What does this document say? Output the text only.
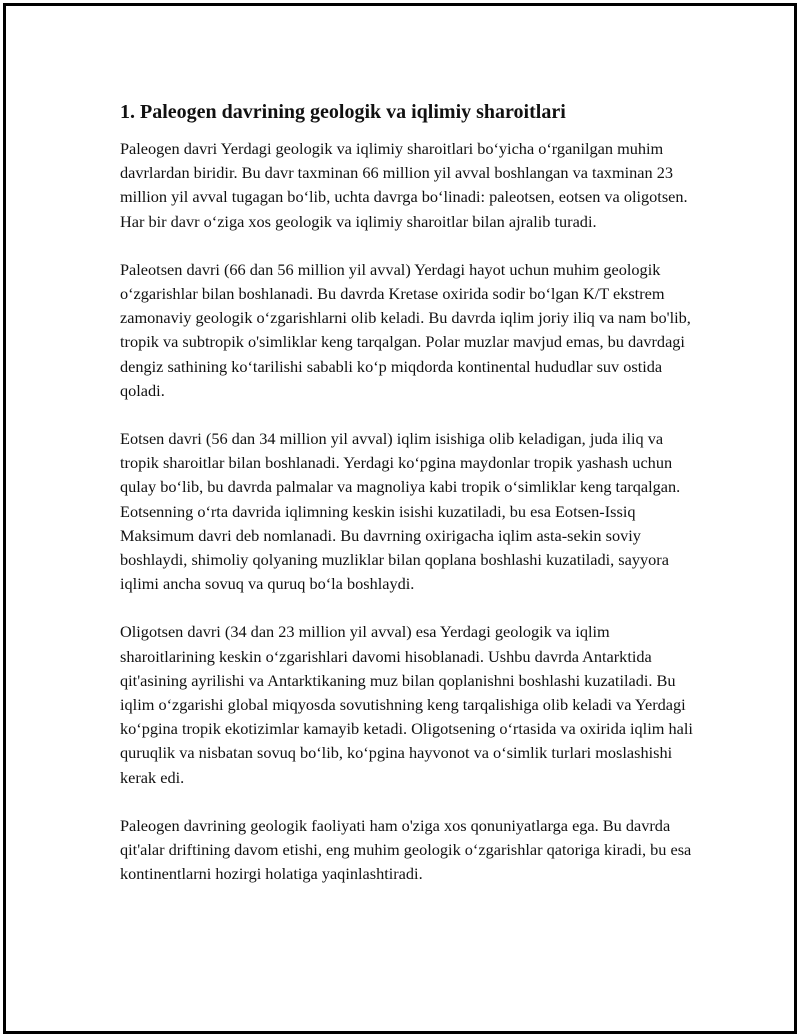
1. Paleogen davrining geologik va iqlimiy sharoitlari

Paleogen davri Yerdagi geologik va iqlimiy sharoitlari boʻyicha oʻrganilgan muhim davrlardan biridir. Bu davr taxminan 66 million yil avval boshlangan va taxminan 23 million yil avval tugagan boʻlib, uchta davrga boʻlinadi: paleotsen, eotsen va oligotsen. Har bir davr oʻziga xos geologik va iqlimiy sharoitlar bilan ajralib turadi.

Paleotsen davri (66 dan 56 million yil avval) Yerdagi hayot uchun muhim geologik oʻzgarishlar bilan boshlanadi. Bu davrda Kretase oxirida sodir boʻlgan K/T ekstrem zamonaviy geologik oʻzgarishlarni olib keladi. Bu davrda iqlim joriy iliq va nam bo'lib, tropik va subtropik o'simliklar keng tarqalgan. Polar muzlar mavjud emas, bu davrdagi dengiz sathining koʻtarilishi sababli koʻp miqdorda kontinental hududlar suv ostida qoladi.

Eotsen davri (56 dan 34 million yil avval) iqlim isishiga olib keladigan, juda iliq va tropik sharoitlar bilan boshlanadi. Yerdagi koʻpgina maydonlar tropik yashash uchun qulay boʻlib, bu davrda palmalar va magnoliya kabi tropik oʻsimliklar keng tarqalgan. Eotsenning oʻrta davrida iqlimning keskin isishi kuzatiladi, bu esa Eotsen-Issiq Maksimum davri deb nomlanadi. Bu davrning oxirigacha iqlim asta-sekin soviy boshlaydi, shimoliy qolyaning muzliklar bilan qoplana boshlashi kuzatiladi, sayyora iqlimi ancha sovuq va quruq boʻla boshlaydi.

Oligotsen davri (34 dan 23 million yil avval) esa Yerdagi geologik va iqlim sharoitlarining keskin oʻzgarishlari davomi hisoblanadi. Ushbu davrda Antarktida qit'asining ayrilishi va Antarktikaning muz bilan qoplanishni boshlashi kuzatiladi. Bu iqlim oʻzgarishi global miqyosda sovutishning keng tarqalishiga olib keladi va Yerdagi koʻpgina tropik ekotizimlar kamayib ketadi. Oligotsening oʻrtasida va oxirida iqlim hali quruqlik va nisbatan sovuq boʻlib, koʻpgina hayvonot va oʻsimlik turlari moslashishi kerak edi.

Paleogen davrining geologik faoliyati ham o'ziga xos qonuniyatlarga ega. Bu davrda qit'alar driftining davom etishi, eng muhim geologik oʻzgarishlar qatoriga kiradi, bu esa kontinentlarni hozirgi holatiga yaqinlashtiradi.
